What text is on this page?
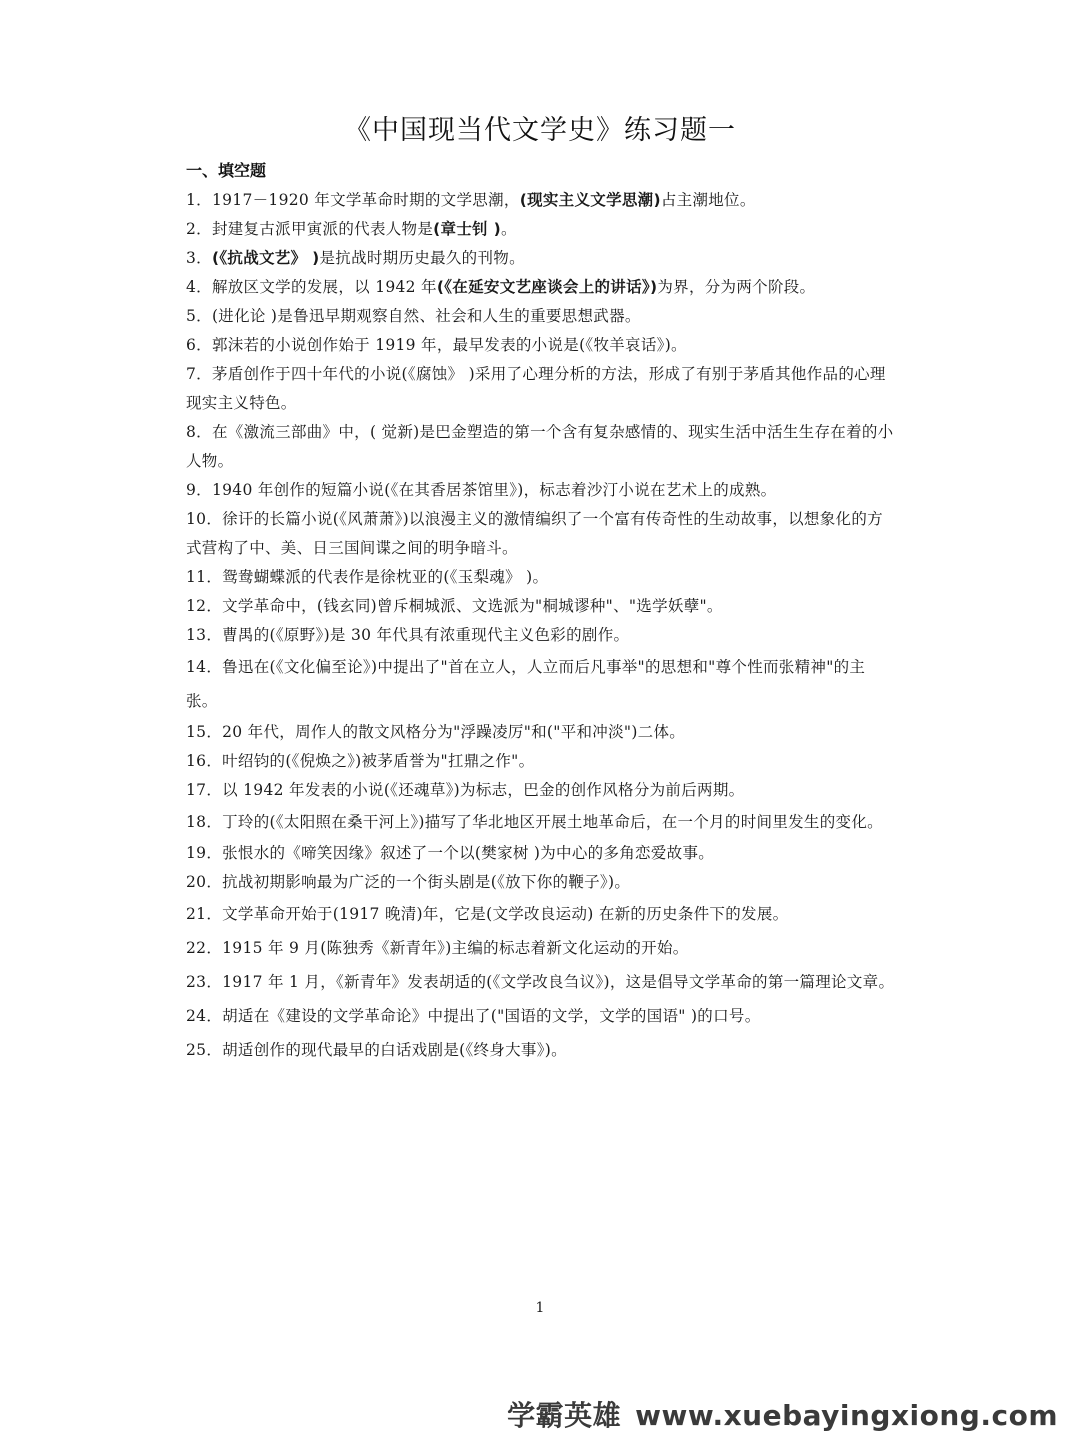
《中国现当代文学史》练习题一
一、填空题

1．1917－1920 年文学革命时期的文学思潮，(现实主义文学思潮)占主潮地位。

2．封建复古派甲寅派的代表人物是(章士钊 )。

3．(《抗战文艺》 )是抗战时期历史最久的刊物。

4．解放区文学的发展，以 1942 年(《在延安文艺座谈会上的讲话》)为界，分为两个阶段。

5．(进化论 )是鲁迅早期观察自然、社会和人生的重要思想武器。

6．郭沫若的小说创作始于 1919 年，最早发表的小说是(《牧羊哀话》)。

7．茅盾创作于四十年代的小说(《腐蚀》 )采用了心理分析的方法，形成了有别于茅盾其他作品的心理现实主义特色。

8．在《激流三部曲》中，( 觉新)是巴金塑造的第一个含有复杂感情的、现实生活中活生生存在着的小人物。

9．1940 年创作的短篇小说(《在其香居茶馆里》)，标志着沙汀小说在艺术上的成熟。

10．徐讦的长篇小说(《风萧萧》)以浪漫主义的激情编织了一个富有传奇性的生动故事，以想象化的方式营构了中、美、日三国间谍之间的明争暗斗。

11．鸳鸯蝴蝶派的代表作是徐枕亚的(《玉梨魂》 )。

12．文学革命中，(钱玄同)曾斥桐城派、文选派为"桐城谬种"、"选学妖孽"。

13．曹禺的(《原野》)是 30 年代具有浓重现代主义色彩的剧作。

14．鲁迅在(《文化偏至论》)中提出了"首在立人，人立而后凡事举"的思想和"尊个性而张精神"的主张。

15．20 年代，周作人的散文风格分为"浮躁凌厉"和("平和冲淡")二体。

16．叶绍钧的(《倪焕之》)被茅盾誉为"扛鼎之作"。

17．以 1942 年发表的小说(《还魂草》)为标志，巴金的创作风格分为前后两期。

18．丁玲的(《太阳照在桑干河上》)描写了华北地区开展土地革命后，在一个月的时间里发生的变化。

19．张恨水的《啼笑因缘》叙述了一个以(樊家树 )为中心的多角恋爱故事。

20．抗战初期影响最为广泛的一个街头剧是(《放下你的鞭子》)。

21．文学革命开始于(1917 晚清)年，它是(文学改良运动) 在新的历史条件下的发展。

22．1915 年 9 月(陈独秀《新青年》)主编的标志着新文化运动的开始。

23．1917 年 1 月，《新青年》发表胡适的(《文学改良刍议》)，这是倡导文学革命的第一篇理论文章。

24．胡适在《建设的文学革命论》中提出了("国语的文学，文学的国语" )的口号。

25．胡适创作的现代最早的白话戏剧是(《终身大事》)。

1
学霸英雄 www.xuebayingxiong.com
